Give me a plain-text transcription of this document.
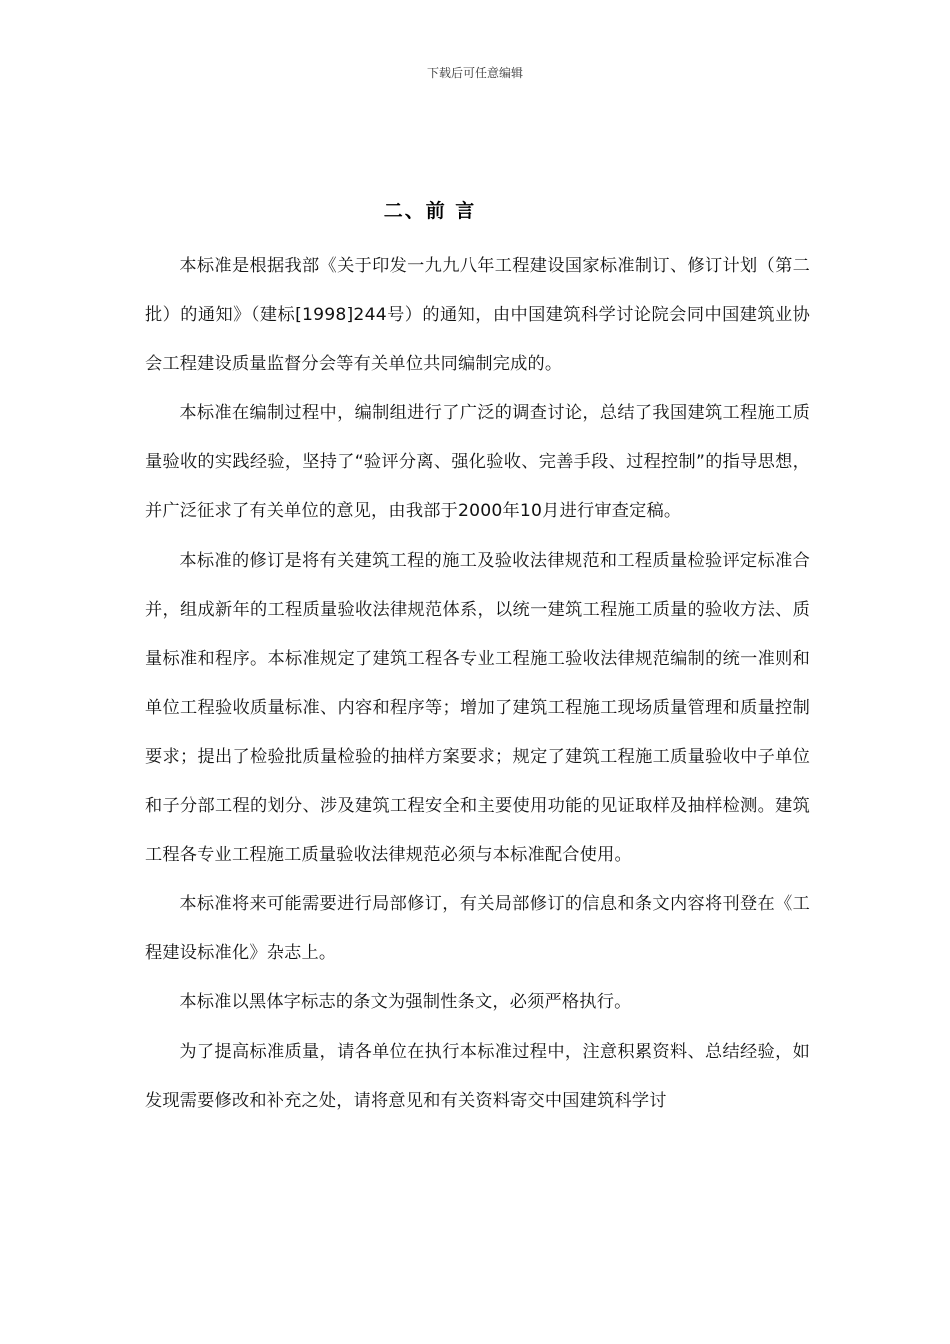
下载后可任意编辑
二、前 言

本标准是根据我部《关于印发一九九八年工程建设国家标准制订、修订计划（第二批）的通知》（建标[1998]244号）的通知，由中国建筑科学讨论院会同中国建筑业协会工程建设质量监督分会等有关单位共同编制完成的。

本标准在编制过程中，编制组进行了广泛的调查讨论，总结了我国建筑工程施工质量验收的实践经验，坚持了“验评分离、强化验收、完善手段、过程控制”的指导思想，并广泛征求了有关单位的意见，由我部于2000年10月进行审查定稿。

本标准的修订是将有关建筑工程的施工及验收法律规范和工程质量检验评定标准合并，组成新年的工程质量验收法律规范体系，以统一建筑工程施工质量的验收方法、质量标准和程序。本标准规定了建筑工程各专业工程施工验收法律规范编制的统一准则和单位工程验收质量标准、内容和程序等；增加了建筑工程施工现场质量管理和质量控制要求；提出了检验批质量检验的抽样方案要求；规定了建筑工程施工质量验收中子单位和子分部工程的划分、涉及建筑工程安全和主要使用功能的见证取样及抽样检测。建筑工程各专业工程施工质量验收法律规范必须与本标准配合使用。

本标准将来可能需要进行局部修订，有关局部修订的信息和条文内容将刊登在《工程建设标准化》杂志上。

本标准以黑体字标志的条文为强制性条文，必须严格执行。

为了提高标准质量，请各单位在执行本标准过程中，注意积累资料、总结经验，如发现需要修改和补充之处，请将意见和有关资料寄交中国建筑科学讨
